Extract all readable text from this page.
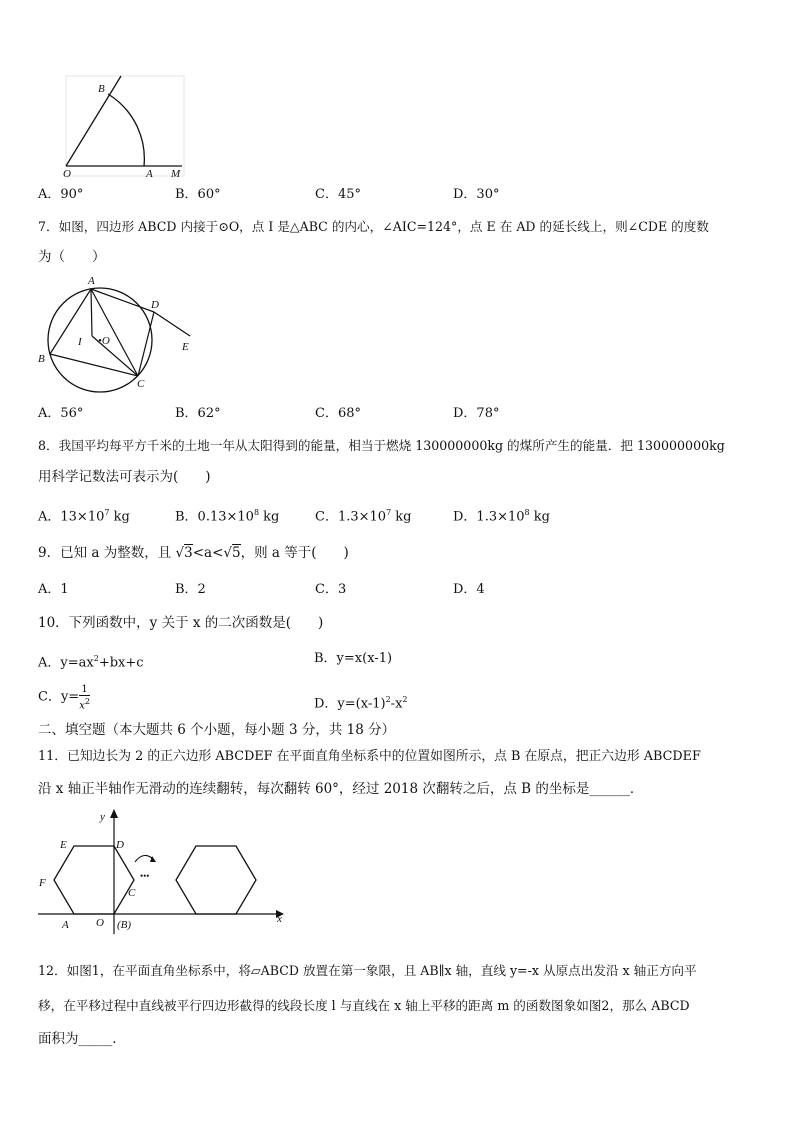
B
O	A M
A．90°	B．60°	C．45°	D．30°
7．如图，四边形 ABCD 内接于⊙O，点 I 是△ABC 的内心，∠AIC=124°，点 E 在 AD 的延长线上，则∠CDE 的度数
为（　　）
A
D
E
I •O
B
C
A．56°	B．62°	C．68°	D．78°
8．我国平均每平方千米的土地一年从太阳得到的能量，相当于燃烧 130000000kg 的煤所产生的能量．把 130000000kg
用科学记数法可表示为(　　)
A．$13\times 10^7$ kg	B．$0.13\times 10^8$ kg	C．$1.3\times 10^7$ kg	D．$1.3\times 10^8$ kg
9．已知 a 为整数，且 √3<a<√5，则 a 等于(　　)
A．1	B．2	C．3	D．4
10．下列函数中，y 关于 x 的二次函数是(　　)
A．$y=ax^2+bx+c$	B．y=x(x-1)
C．$y= \frac{1}{x^2}$	D．$y=(x-1)^2-x^2$
二、填空题（本大题共 6 个小题，每小题 3 分，共 18 分）
11．已知边长为 2 的正六边形 ABCDEF 在平面直角坐标系中的位置如图所示，点 B 在原点，把正六边形 ABCDEF
沿 x 轴正半轴作无滑动的连续翻转，每次翻转 60°，经过 2018 次翻转之后，点 B 的坐标是______．
y
x
E	D
F
C
•••
A O (B)
12．如图1，在平面直角坐标系中，将▱ABCD 放置在第一象限，且 AB∥x 轴，直线 y=-x 从原点出发沿 x 轴正方向平
移，在平移过程中直线被平行四边形截得的线段长度 l 与直线在 x 轴上平移的距离 m 的函数图象如图2，那么 ABCD
面积为_____．
